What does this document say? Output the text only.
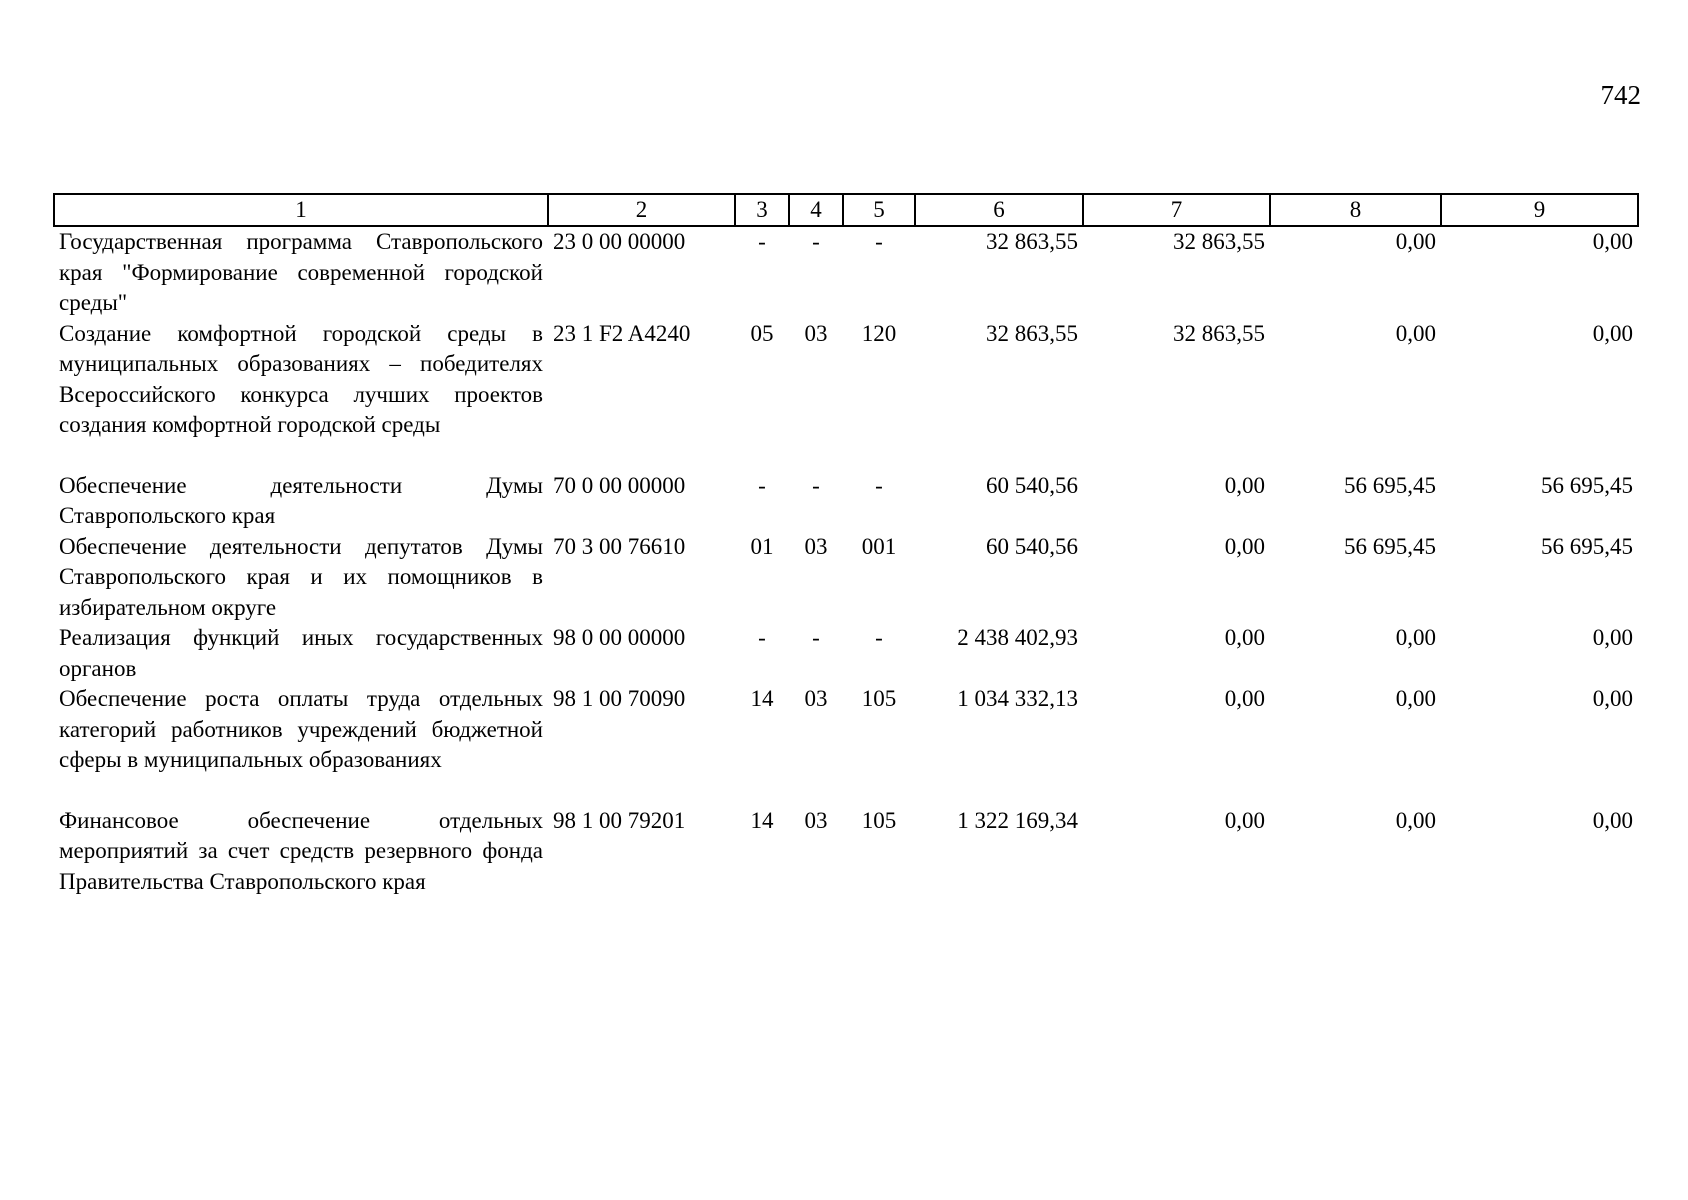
742
1	2	3	4	5	6	7	8	9
Государственная программа Ставропольского края "Формирование современной городской среды"	23 0 00 00000	-	-	-	32 863,55	32 863,55	0,00	0,00
Создание комфортной городской среды в муниципальных образованиях – победителях Всероссийского конкурса лучших проектов создания комфортной городской среды	23 1 F2 A4240	05	03	120	32 863,55	32 863,55	0,00	0,00
Обеспечение деятельности Думы Ставропольского края	70 0 00 00000	-	-	-	60 540,56	0,00	56 695,45	56 695,45
Обеспечение деятельности депутатов Думы Ставропольского края и их помощников в избирательном округе	70 3 00 76610	01	03	001	60 540,56	0,00	56 695,45	56 695,45
Реализация функций иных государственных органов	98 0 00 00000	-	-	-	2 438 402,93	0,00	0,00	0,00
Обеспечение роста оплаты труда отдельных категорий работников учреждений бюджетной сферы в муниципальных образованиях	98 1 00 70090	14	03	105	1 034 332,13	0,00	0,00	0,00
Финансовое обеспечение отдельных мероприятий за счет средств резервного фонда Правительства Ставропольского края	98 1 00 79201	14	03	105	1 322 169,34	0,00	0,00	0,00
